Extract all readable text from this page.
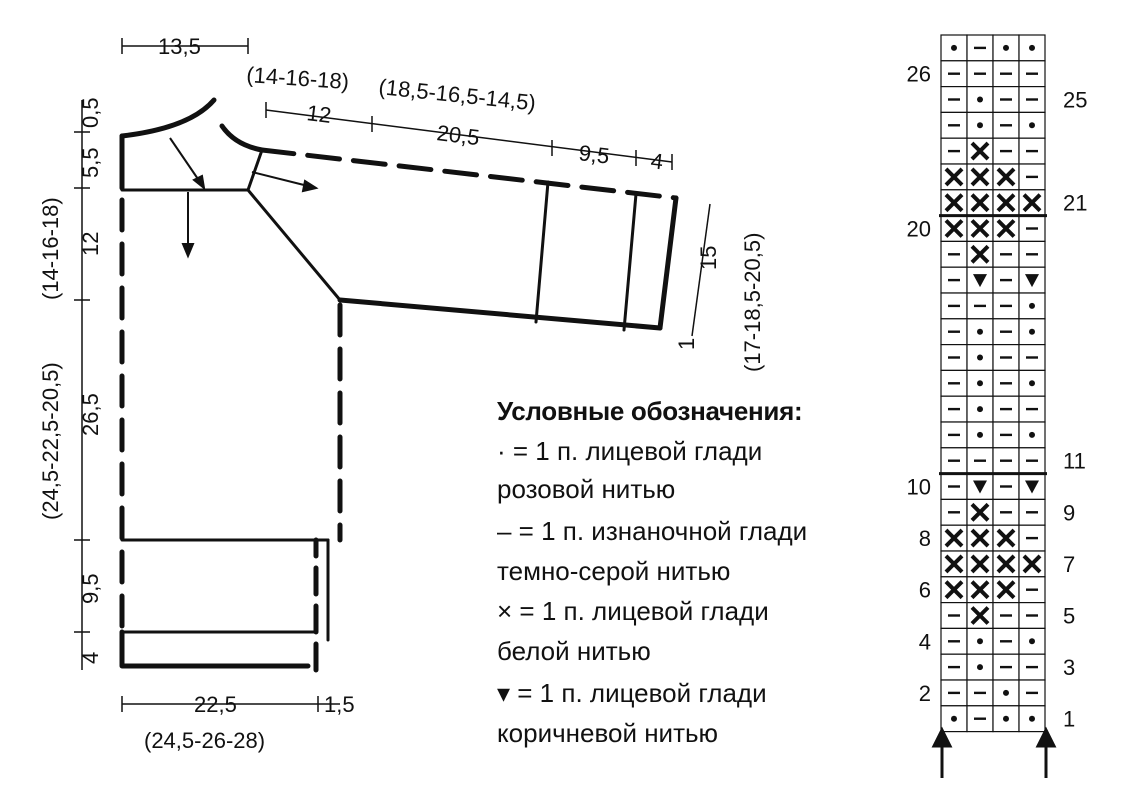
13,5
(14-16-18) (18,5-16,5-14,5)
12
20,5
9,5 4
15
1 (17-18,5-20,5)
0,5
5,5
12
(14-16-18)
(24,5-22,5-20,5) 26,5
9,5
4
22,5	1,5
(24,5-26-28)
26
20
10
8
6
4
2
25
21
11
9
7
5
3
1
Условные обозначения:
· = 1 п. лицевой глади
розовой нитью
– = 1 п. изнаночной глади
темно-серой нитью
× = 1 п. лицевой глади
белой нитью
▾ = 1 п. лицевой глади
коричневой нитью
